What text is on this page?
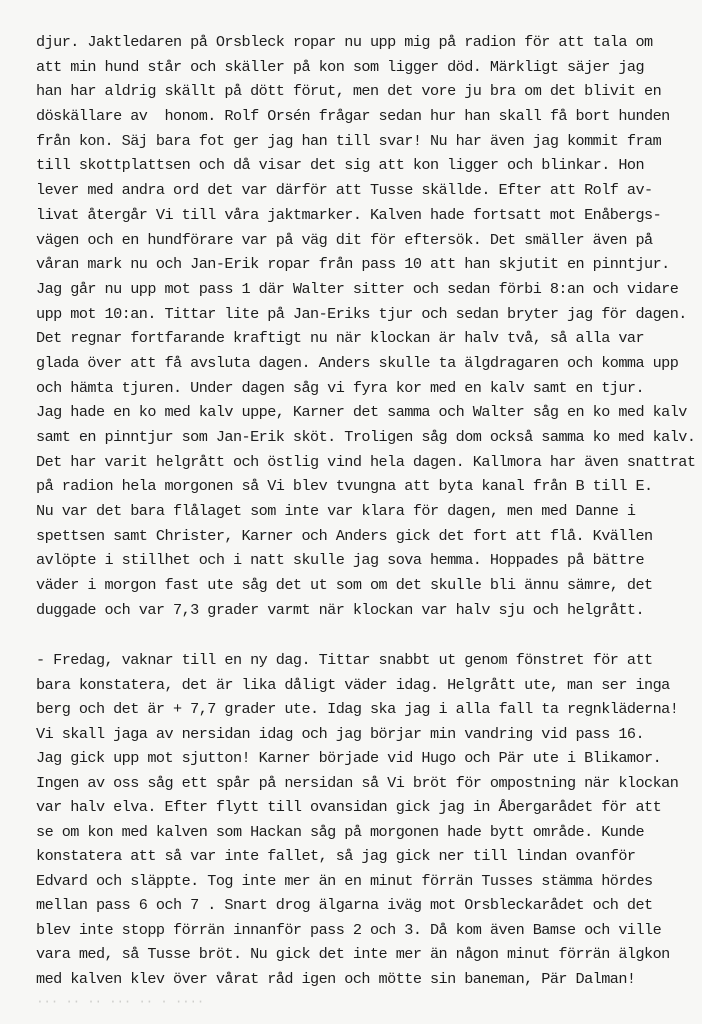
djur. Jaktledaren på Orsbleck ropar nu upp mig på radion för att tala om
att min hund står och skäller på kon som ligger död. Märkligt säjer jag
han har aldrig skällt på dött förut, men det vore ju bra om det blivit en
döskällare av  honom. Rolf Orsén frågar sedan hur han skall få bort hunden
från kon. Säj bara fot ger jag han till svar! Nu har även jag kommit fram
till skottplattsen och då visar det sig att kon ligger och blinkar. Hon
lever med andra ord det var därför att Tusse skällde. Efter att Rolf av-
livat återgår Vi till våra jaktmarker. Kalven hade fortsatt mot Enåbergs-
vägen och en hundförare var på väg dit för eftersök. Det smäller även på
våran mark nu och Jan-Erik ropar från pass 10 att han skjutit en pinntjur.
Jag går nu upp mot pass 1 där Walter sitter och sedan förbi 8:an och vidare
upp mot 10:an. Tittar lite på Jan-Eriks tjur och sedan bryter jag för dagen.
Det regnar fortfarande kraftigt nu när klockan är halv två, så alla var
glada över att få avsluta dagen. Anders skulle ta älgdragaren och komma upp
och hämta tjuren. Under dagen såg vi fyra kor med en kalv samt en tjur.
Jag hade en ko med kalv uppe, Karner det samma och Walter såg en ko med kalv
samt en pinntjur som Jan-Erik sköt. Troligen såg dom också samma ko med kalv.
Det har varit helgrått och östlig vind hela dagen. Kallmora har även snattrat
på radion hela morgonen så Vi blev tvungna att byta kanal från B till E.
Nu var det bara flålaget som inte var klara för dagen, men med Danne i
spettsen samt Christer, Karner och Anders gick det fort att flå. Kvällen
avlöpte i stillhet och i natt skulle jag sova hemma. Hoppades på bättre
väder i morgon fast ute såg det ut som om det skulle bli ännu sämre, det
duggade och var 7,3 grader varmt när klockan var halv sju och helgrått.
- Fredag, vaknar till en ny dag. Tittar snabbt ut genom fönstret för att
bara konstatera, det är lika dåligt väder idag. Helgrått ute, man ser inga
berg och det är + 7,7 grader ute. Idag ska jag i alla fall ta regnkläderna!
Vi skall jaga av nersidan idag och jag börjar min vandring vid pass 16.
Jag gick upp mot sjutton! Karner började vid Hugo och Pär ute i Blikamor.
Ingen av oss såg ett spår på nersidan så Vi bröt för ompostning när klockan
var halv elva. Efter flytt till ovansidan gick jag in Åbergarådet för att
se om kon med kalven som Hackan såg på morgonen hade bytt område. Kunde
konstatera att så var inte fallet, så jag gick ner till lindan ovanför
Edvard och släppte. Tog inte mer än en minut förrän Tusses stämma hördes
mellan pass 6 och 7 . Snart drog älgarna iväg mot Orsbleckarådet och det
blev inte stopp förrän innanför pass 2 och 3. Då kom även Bamse och ville
vara med, så Tusse bröt. Nu gick det inte mer än någon minut förrän älgkon
med kalven klev över vårat råd igen och mötte sin baneman, Pär Dalman!
··· ·· ·· ··· ·· · ····
